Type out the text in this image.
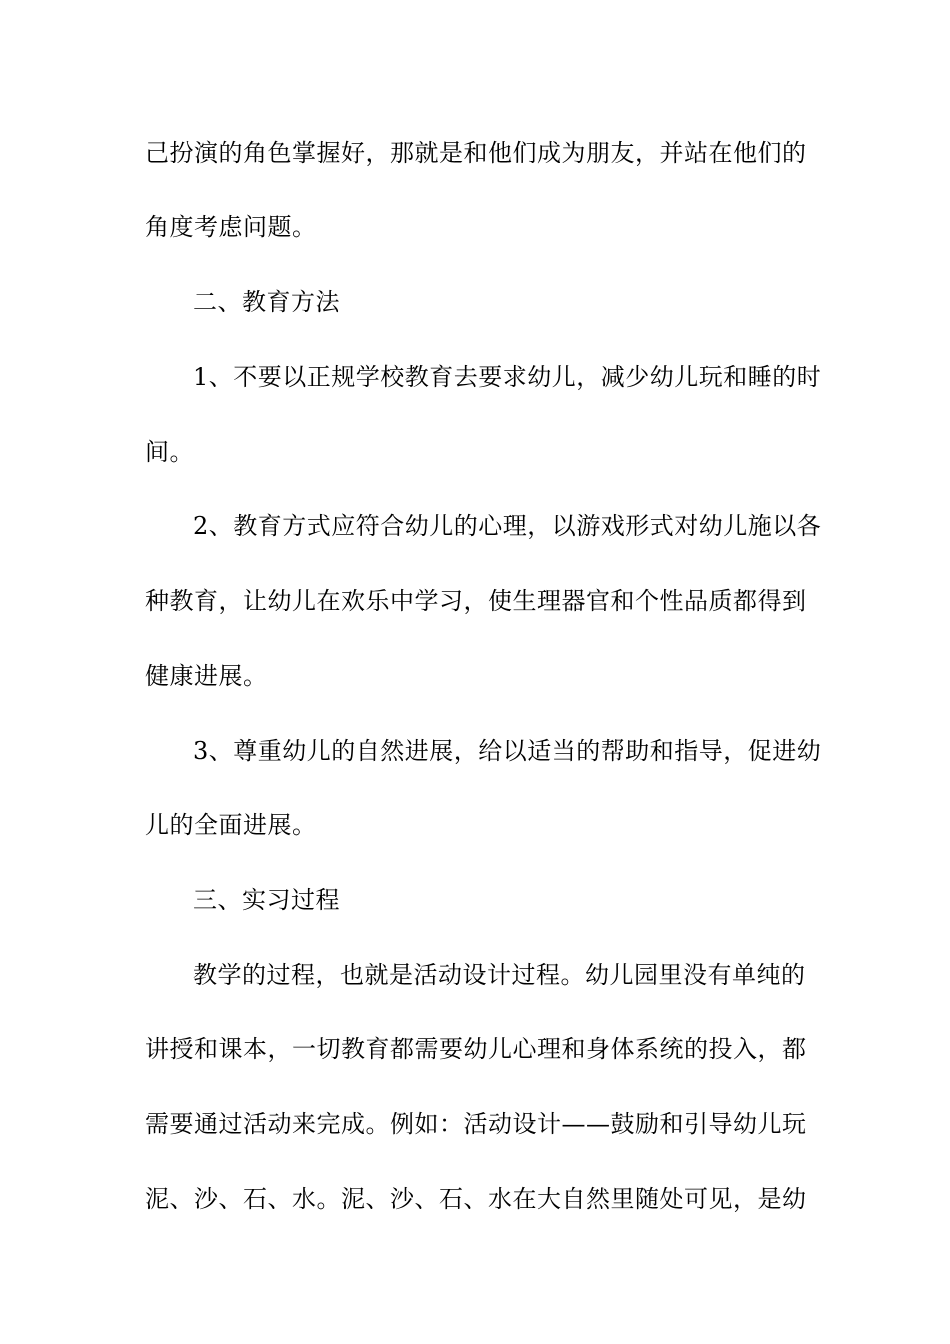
己扮演的角色掌握好，那就是和他们成为朋友，并站在他们的
角度考虑问题。
二、教育方法
1、不要以正规学校教育去要求幼儿，减少幼儿玩和睡的时
间。
2、教育方式应符合幼儿的心理，以游戏形式对幼儿施以各
种教育，让幼儿在欢乐中学习，使生理器官和个性品质都得到
健康进展。
3、尊重幼儿的自然进展，给以适当的帮助和指导，促进幼
儿的全面进展。
三、实习过程
教学的过程，也就是活动设计过程。幼儿园里没有单纯的
讲授和课本，一切教育都需要幼儿心理和身体系统的投入，都
需要通过活动来完成。例如：活动设计——鼓励和引导幼儿玩
泥、沙、石、水。泥、沙、石、水在大自然里随处可见，是幼
